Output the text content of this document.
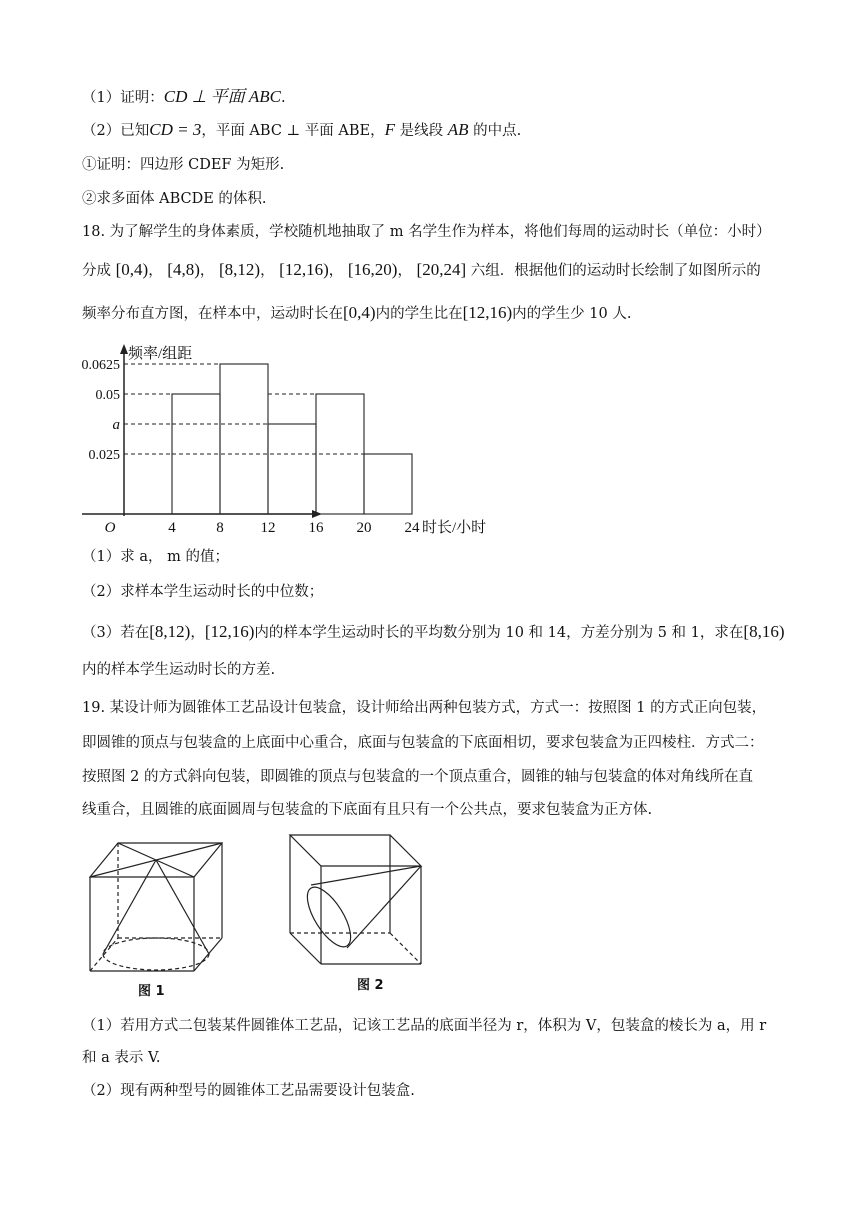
（1）证明：CD ⊥ 平面 ABC.
（2）已知CD = 3，平面 ABC ⊥ 平面 ABE，F 是线段 AB 的中点.
①证明：四边形 CDEF 为矩形.
②求多面体 ABCDE 的体积.
18. 为了解学生的身体素质，学校随机地抽取了 m 名学生作为样本，将他们每周的运动时长（单位：小时）
分成 [0,4)， [4,8)， [8,12)， [12,16)， [16,20)， [20,24] 六组．根据他们的运动时长绘制了如图所示的
频率分布直方图，在样本中，运动时长在[0,4)内的学生比在[12,16)内的学生少 10 人.
0.0625
0.05
a
0.025
4	8 12 16 20 24
O	时长/小时
频率/组距
（1）求 a， m 的值；
（2）求样本学生运动时长的中位数；
（3）若在[8,12)，[12,16)内的样本学生运动时长的平均数分别为 10 和 14，方差分别为 5 和 1，求在[8,16)
内的样本学生运动时长的方差.
19. 某设计师为圆锥体工艺品设计包装盒，设计师给出两种包装方式，方式一：按照图 1 的方式正向包装，
即圆锥的顶点与包装盒的上底面中心重合，底面与包装盒的下底面相切，要求包装盒为正四棱柱．方式二：
按照图 2 的方式斜向包装，即圆锥的顶点与包装盒的一个顶点重合，圆锥的轴与包装盒的体对角线所在直
线重合，且圆锥的底面圆周与包装盒的下底面有且只有一个公共点，要求包装盒为正方体.
图 1	图 2
（1）若用方式二包装某件圆锥体工艺品，记该工艺品的底面半径为 r，体积为 V，包装盒的棱长为 a，用 r
和 a 表示 V.
（2）现有两种型号的圆锥体工艺品需要设计包装盒.
